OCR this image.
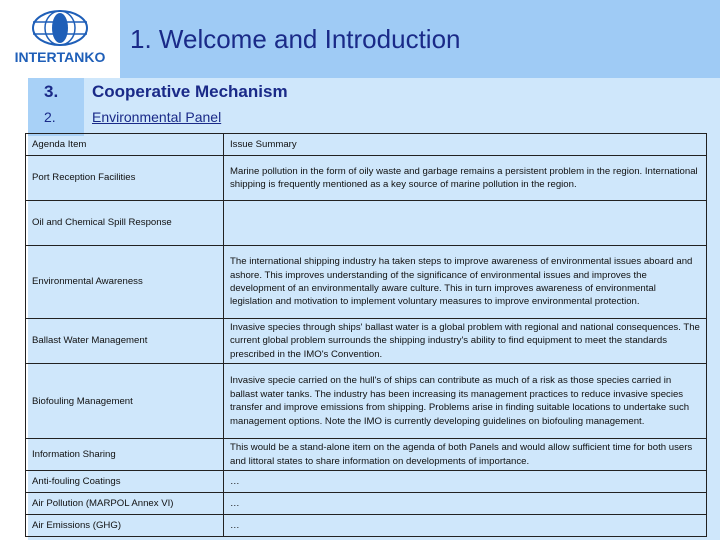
INTERTANKO
1. Welcome and Introduction
3. Cooperative Mechanism
2.	Environmental Panel
Agenda Item	Issue Summary
Port Reception Facilities	Marine pollution in the form of oily waste and garbage remains a persistent problem in the region. International shipping is frequently mentioned as a key source of marine pollution in the region.
Oil and Chemical Spill Response	
Environmental Awareness	The international shipping industry ha taken steps to improve awareness of environmental issues aboard and ashore. This improves understanding of the significance of environmental issues and improves the development of an environmentally aware culture. This in turn improves awareness of environmental legislation and motivation to implement voluntary measures to improve environmental protection.
Ballast Water Management	Invasive species through ships' ballast water is a global problem with regional and national consequences. The current global problem surrounds the shipping industry's ability to find equipment to meet the standards prescribed in the IMO's Convention.
Biofouling Management	Invasive specie carried on the hull's of ships can contribute as much of a risk as those species carried in ballast water tanks. The industry has been increasing its management practices to reduce invasive species transfer and improve emissions from shipping. Problems arise in finding suitable locations to undertake such management options. Note the IMO is currently developing guidelines on biofouling management.
Information Sharing	This would be a stand-alone item on the agenda of both Panels and would allow sufficient time for both users and littoral states to share information on developments of importance.
Anti-fouling Coatings	…
Air Pollution (MARPOL Annex VI)	…
Air Emissions (GHG)	…
